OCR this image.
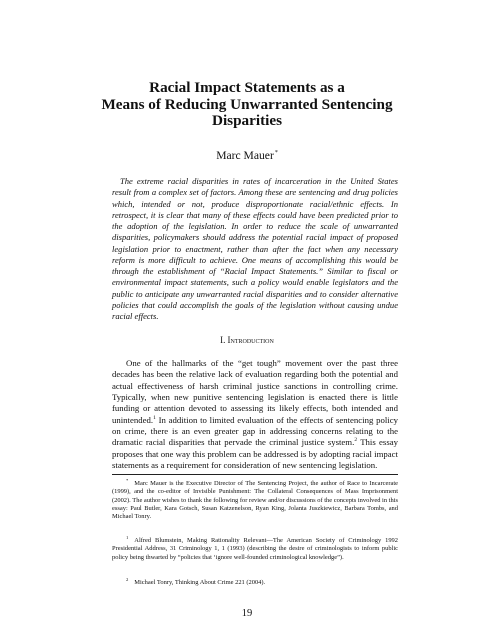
Racial Impact Statements as a
Means of Reducing Unwarranted Sentencing
Disparities
Marc Mauer*

The extreme racial disparities in rates of incarceration in the United States result from a complex set of factors. Among these are sentencing and drug policies which, intended or not, produce disproportionate racial/ethnic effects. In retrospect, it is clear that many of these effects could have been predicted prior to the adoption of the legislation. In order to reduce the scale of unwarranted disparities, policymakers should address the potential racial impact of proposed legislation prior to enactment, rather than after the fact when any necessary reform is more difficult to achieve. One means of accomplishing this would be through the establishment of “Racial Impact Statements.” Similar to fiscal or environmental impact statements, such a policy would enable legislators and the public to anticipate any unwarranted racial disparities and to consider alternative policies that could accomplish the goals of the legislation without causing undue racial effects.

I. Introduction

One of the hallmarks of the “get tough” movement over the past three decades has been the relative lack of evaluation regarding both the potential and actual effectiveness of harsh criminal justice sanctions in controlling crime. Typically, when new punitive sentencing legislation is enacted there is little funding or attention devoted to assessing its likely effects, both intended and unintended.$^1$ In addition to limited evaluation of the effects of sentencing policy on crime, there is an even greater gap in addressing concerns relating to the dramatic racial disparities that pervade the criminal justice system.$^2$ This essay proposes that one way this problem can be addressed is by adopting racial impact statements as a requirement for consideration of new sentencing legislation.

* Marc Mauer is the Executive Director of The Sentencing Project, the author of Race to Incarcerate (1999), and the co-editor of Invisible Punishment: The Collateral Consequences of Mass Imprisonment (2002). The author wishes to thank the following for review and/or discussions of the concepts involved in this essay: Paul Butler, Kara Gotsch, Susan Katzenelson, Ryan King, Jolanta Juszkiewicz, Barbara Tombs, and Michael Tonry.

$^1$ Alfred Blumstein, Making Rationality Relevant—The American Society of Criminology 1992 Presidential Address, 31 Criminology 1, 1 (1993) (describing the desire of criminologists to inform public policy being thwarted by “policies that ‘ignore well-founded criminological knowledge”).

$^2$ Michael Tonry, Thinking About Crime 221 (2004).

19
